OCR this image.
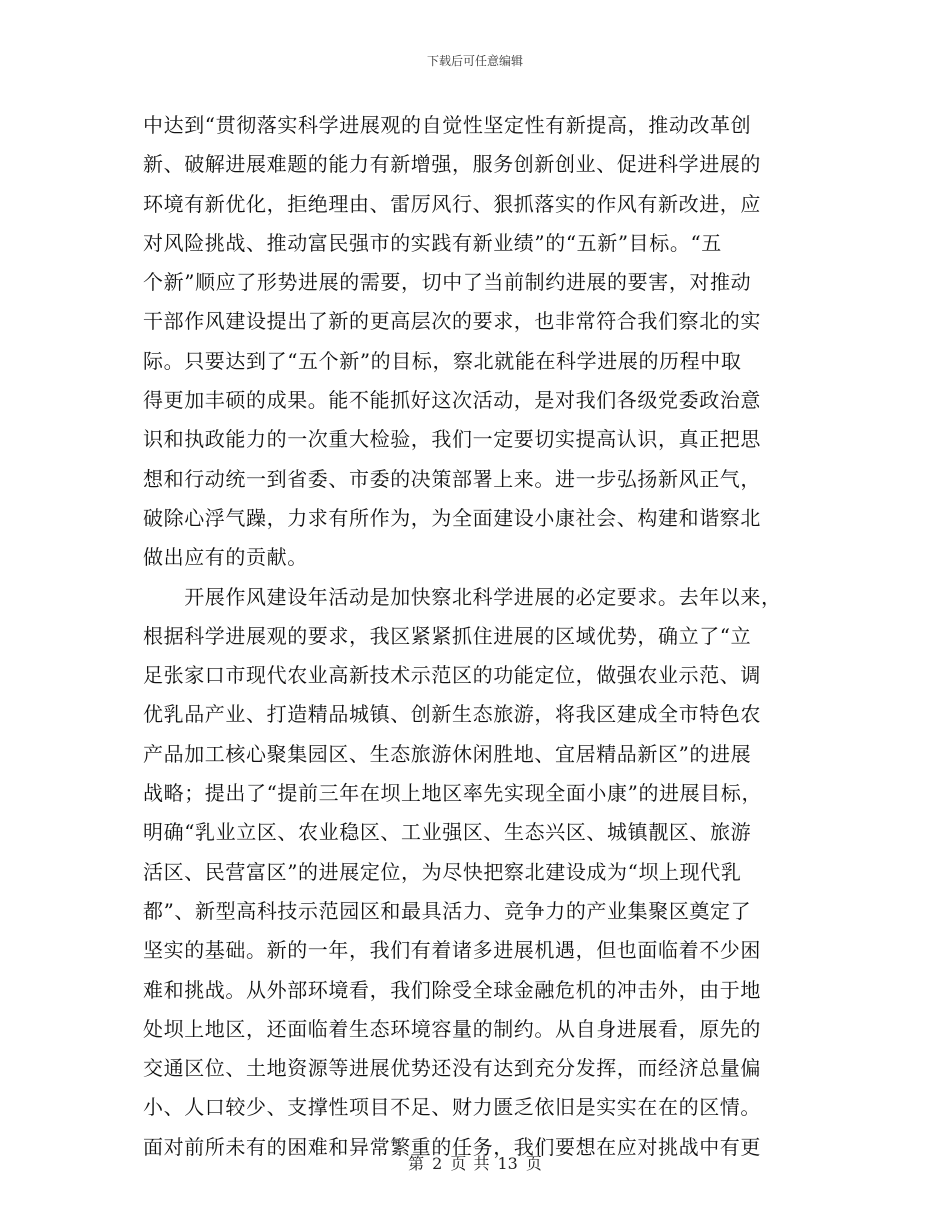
下载后可任意编辑
中达到“贯彻落实科学进展观的自觉性坚定性有新提高，推动改革创
新、破解进展难题的能力有新增强，服务创新创业、促进科学进展的
环境有新优化，拒绝理由、雷厉风行、狠抓落实的作风有新改进，应
对风险挑战、推动富民强市的实践有新业绩”的“五新”目标。“五
个新”顺应了形势进展的需要，切中了当前制约进展的要害，对推动
干部作风建设提出了新的更高层次的要求，也非常符合我们察北的实
际。只要达到了“五个新”的目标，察北就能在科学进展的历程中取
得更加丰硕的成果。能不能抓好这次活动，是对我们各级党委政治意
识和执政能力的一次重大检验，我们一定要切实提高认识，真正把思
想和行动统一到省委、市委的决策部署上来。进一步弘扬新风正气，
破除心浮气躁，力求有所作为，为全面建设小康社会、构建和谐察北
做出应有的贡献。
　　开展作风建设年活动是加快察北科学进展的必定要求。去年以来，
根据科学进展观的要求，我区紧紧抓住进展的区域优势，确立了“立
足张家口市现代农业高新技术示范区的功能定位，做强农业示范、调
优乳品产业、打造精品城镇、创新生态旅游，将我区建成全市特色农
产品加工核心聚集园区、生态旅游休闲胜地、宜居精品新区”的进展
战略；提出了“提前三年在坝上地区率先实现全面小康”的进展目标，
明确“乳业立区、农业稳区、工业强区、生态兴区、城镇靓区、旅游
活区、民营富区”的进展定位，为尽快把察北建设成为“坝上现代乳
都”、新型高科技示范园区和最具活力、竞争力的产业集聚区奠定了
坚实的基础。新的一年，我们有着诸多进展机遇，但也面临着不少困
难和挑战。从外部环境看，我们除受全球金融危机的冲击外，由于地
处坝上地区，还面临着生态环境容量的制约。从自身进展看，原先的
交通区位、土地资源等进展优势还没有达到充分发挥，而经济总量偏
小、人口较少、支撑性项目不足、财力匮乏依旧是实实在在的区情。
面对前所未有的困难和异常繁重的任务，我们要想在应对挑战中有更
第 2 页 共 13 页
